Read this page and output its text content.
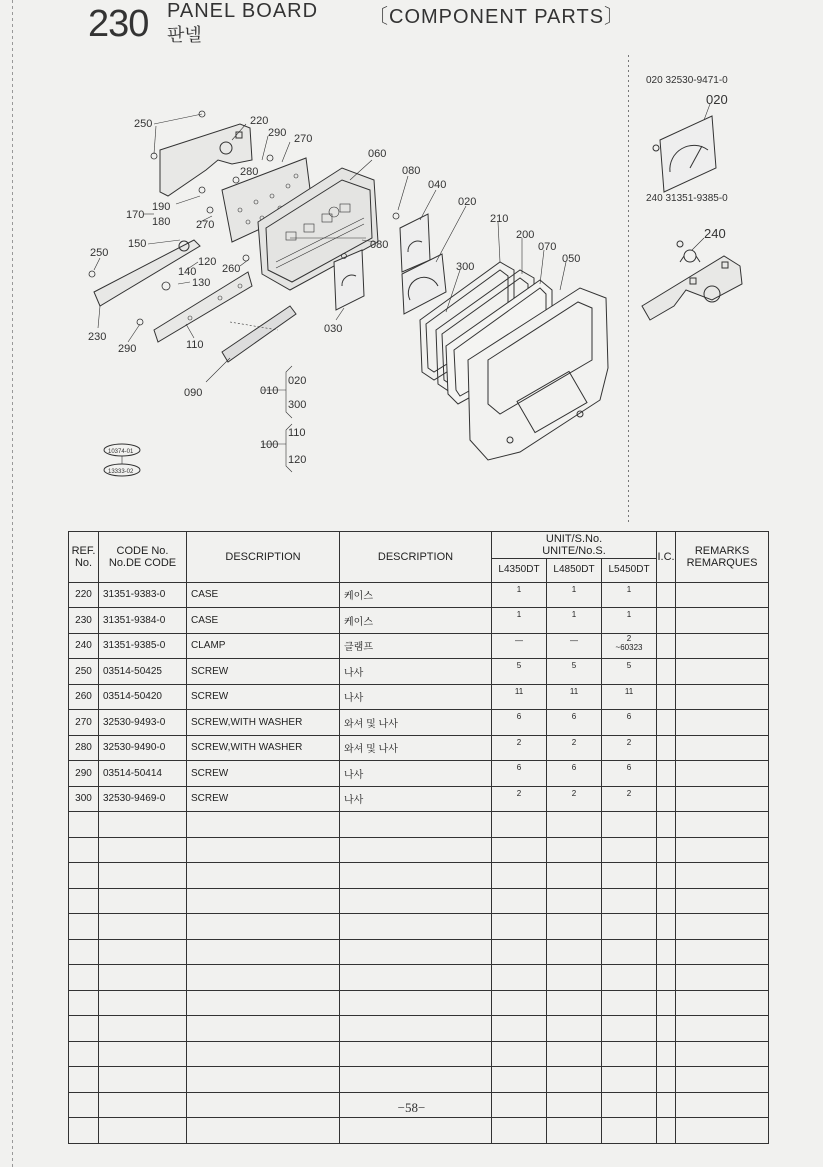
230 PANEL BOARD
판넬
〔COMPONENT PARTS〕
250	220
290 270
060
280	080
040
190	020
170
180 270	210
200
150	080	070
250
120
260
140	300
050
130
230
030
290	110
090	010
020
300
100
110
120
020
240
10374-01
13333-02
020 32530-9471-0
240 31351-9385-0
REF.
No.	CODE No.
No.DE CODE	DESCRIPTION	DESCRIPTION	UNIT/S.No.
UNITE/No.S.			I.C.	REMARKS
REMARQUES
				L4350DT	L4850DT	L5450DT		
220	31351-9383-0	CASE	케이스	1	1	1		
230	31351-9384-0	CASE	케이스	1	1	1		
240	31351-9385-0	CLAMP	클램프	—	—	2
~60323		

250	03514-50425	SCREW	나사	5	5	5		
260	03514-50420	SCREW	나사	11	11	11		
270	32530-9493-0	SCREW,WITH WASHER	와셔 및 나사	6	6	6		
280	32530-9490-0	SCREW,WITH WASHER	와셔 및 나사	2	2	2		
290	03514-50414	SCREW	나사	6	6	6		
300	32530-9469-0	SCREW	나사	2	2	2		

−58−
